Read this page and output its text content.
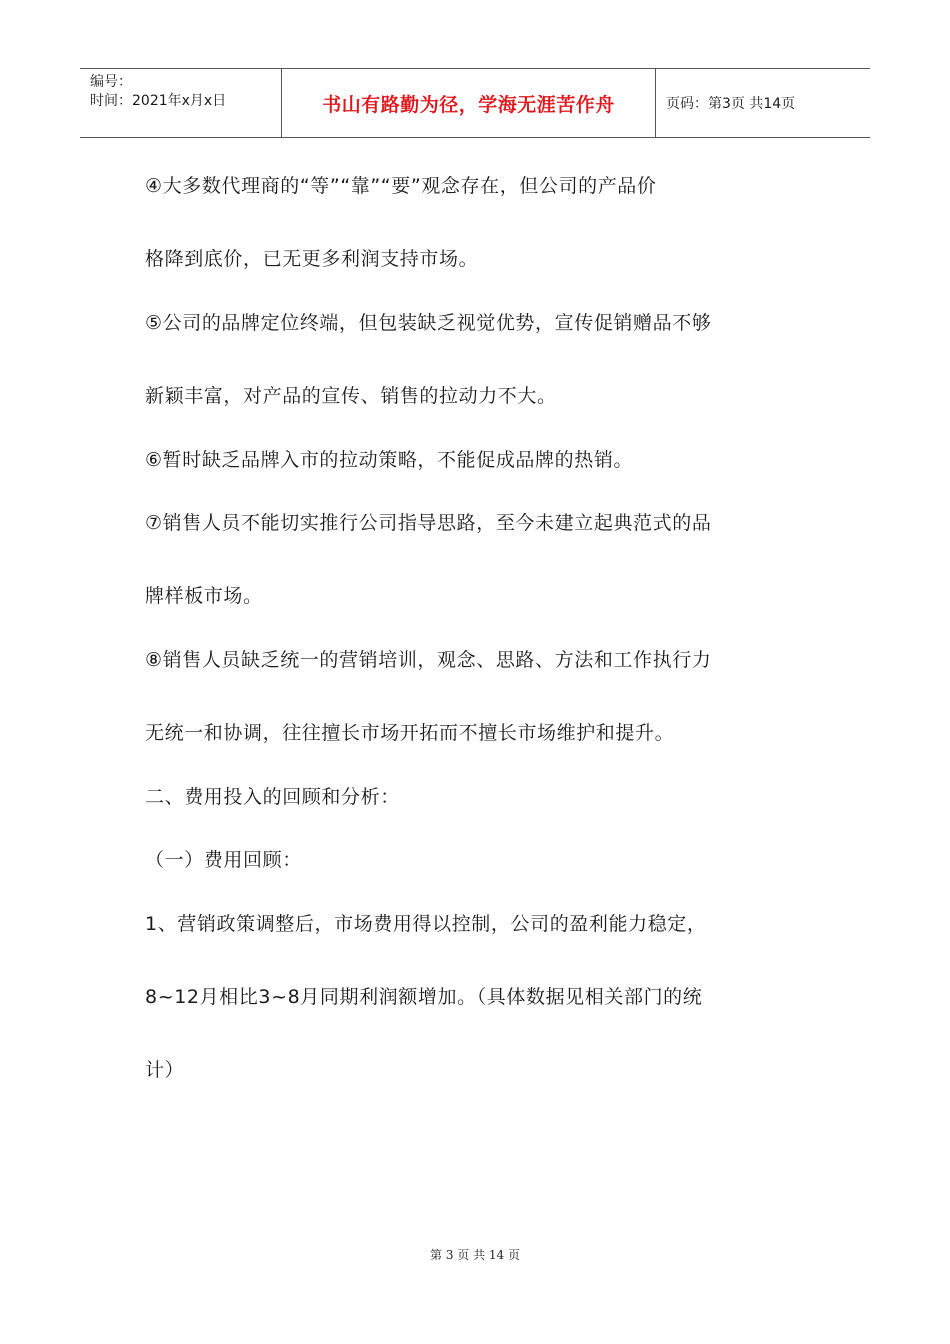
编号：
时间：2021年x月x日	书山有路勤为径，学海无涯苦作舟	页码：第3页 共14页
④大多数代理商的“等”“靠”“要”观念存在，但公司的产品价
格降到底价，已无更多利润支持市场。
⑤公司的品牌定位终端，但包装缺乏视觉优势，宣传促销赠品不够
新颖丰富，对产品的宣传、销售的拉动力不大。
⑥暂时缺乏品牌入市的拉动策略，不能促成品牌的热销。
⑦销售人员不能切实推行公司指导思路，至今未建立起典范式的品
牌样板市场。
⑧销售人员缺乏统一的营销培训，观念、思路、方法和工作执行力
无统一和协调，往往擅长市场开拓而不擅长市场维护和提升。
二、费用投入的回顾和分析：
（一）费用回顾：
1、营销政策调整后，市场费用得以控制，公司的盈利能力稳定，
8~12月相比3~8月同期利润额增加。（具体数据见相关部门的统
计）
第 3 页 共 14 页
